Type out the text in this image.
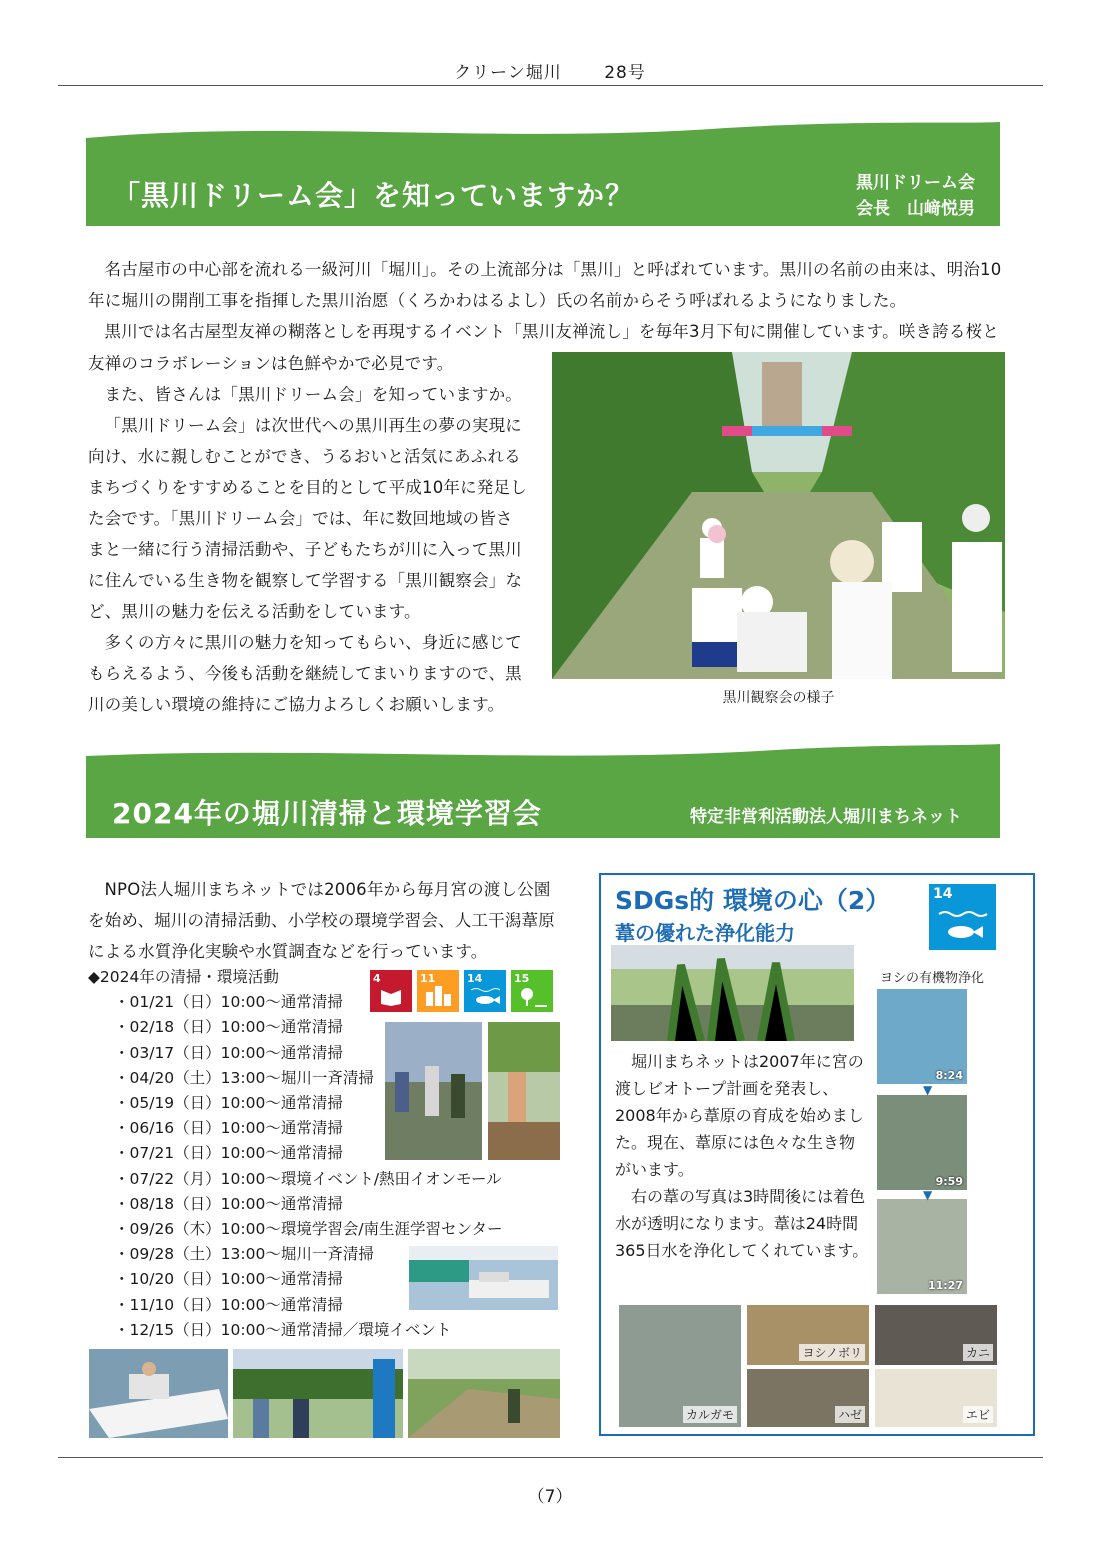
クリーン堀川 28号
「黒川ドリーム会」を知っていますか？	黒川ドリーム会
会長　山﨑悦男

名古屋市の中心部を流れる一級河川「堀川」。その上流部分は「黒川」と呼ばれています。黒川の名前の由来は、明治10年に堀川の開削工事を指揮した黒川治愿（くろかわはるよし）氏の名前からそう呼ばれるようになりました。

黒川では名古屋型友禅の糊落としを再現するイベント「黒川友禅流し」を毎年3月下旬に開催しています。咲き誇る桜と

友禅のコラボレーションは色鮮やかで必見です。

また、皆さんは「黒川ドリーム会」を知っていますか。

「黒川ドリーム会」は次世代への黒川再生の夢の実現に向け、水に親しむことができ、うるおいと活気にあふれるまちづくりをすすめることを目的として平成10年に発足した会です。「黒川ドリーム会」では、年に数回地域の皆さまと一緒に行う清掃活動や、子どもたちが川に入って黒川に住んでいる生き物を観察して学習する「黒川観察会」など、黒川の魅力を伝える活動をしています。

多くの方々に黒川の魅力を知ってもらい、身近に感じてもらえるよう、今後も活動を継続してまいりますので、黒川の美しい環境の維持にご協力よろしくお願いします。	黒川観察会の様子
2024年の堀川清掃と環境学習会	特定非営利活動法人堀川まちネット

NPO法人堀川まちネットでは2006年から毎月宮の渡し公園を始め、堀川の清掃活動、小学校の環境学習会、人工干潟葦原による水質浄化実験や水質調査などを行っています。

◆2024年の清掃・環境活動
・01/21（日）10:00～通常清掃
・02/18（日）10:00～通常清掃
・03/17（日）10:00～通常清掃
・04/20（土）13:00～堀川一斉清掃
・05/19（日）10:00～通常清掃
・06/16（日）10:00～通常清掃
・07/21（日）10:00～通常清掃
・07/22（月）10:00～環境イベント/熱田イオンモール
・08/18（日）10:00～通常清掃
・09/26（木）10:00～環境学習会/南生涯学習センター
・09/28（土）13:00～堀川一斉清掃
・10/20（日）10:00～通常清掃
・11/10（日）10:00～通常清掃
・12/15（日）10:00～通常清掃／環境イベント
4	11	14	15
SDGs的 環境の心（2）
葦の優れた浄化能力
14
ヨシの有機物浄化
8:24
9:59
11:27
▼
▼

堀川まちネットは2007年に宮の渡しビオトープ計画を発表し、2008年から葦原の育成を始めました。現在、葦原には色々な生き物がいます。

右の葦の写真は3時間後には着色水が透明になります。葦は24時間365日水を浄化してくれています。

カルガモ
ヨシノボリ	カニ
ハゼ	エビ
（7）
